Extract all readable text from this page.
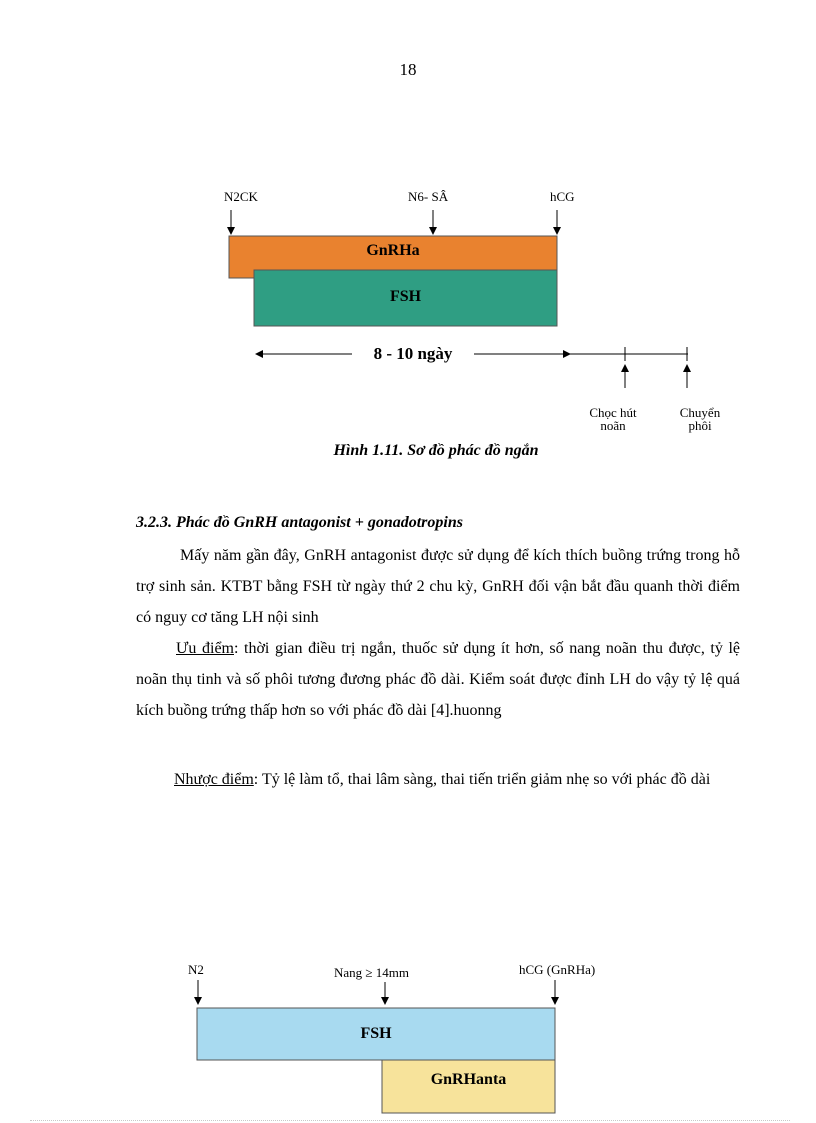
18
N2CK	N6- SÂ	hCG
GnRHa
FSH
8 - 10 ngày
Chọc hút
noãn
Chuyển
phôi
Hình 1.11. Sơ đồ phác đồ ngắn
3.2.3. Phác đồ GnRH antagonist + gonadotropins

Mấy năm gần đây, GnRH antagonist được sử dụng để kích thích buồng trứng trong hỗ trợ sinh sản. KTBT bằng FSH từ ngày thứ 2 chu kỳ, GnRH đối vận bắt đầu quanh thời điểm có nguy cơ tăng LH nội sinh

Ưu điểm: thời gian điều trị ngắn, thuốc sử dụng ít hơn, số nang noãn thu được, tỷ lệ noãn thụ tinh và số phôi tương đương phác đồ dài. Kiểm soát được đỉnh LH do vậy tỷ lệ quá kích buồng trứng thấp hơn so với phác đồ dài [4].huonng

Nhược điểm: Tỷ lệ làm tổ, thai lâm sàng, thai tiến triển giảm nhẹ so với phác đồ dài

N2	Nang ≥ 14mm	hCG (GnRHa)
FSH
GnRHanta
